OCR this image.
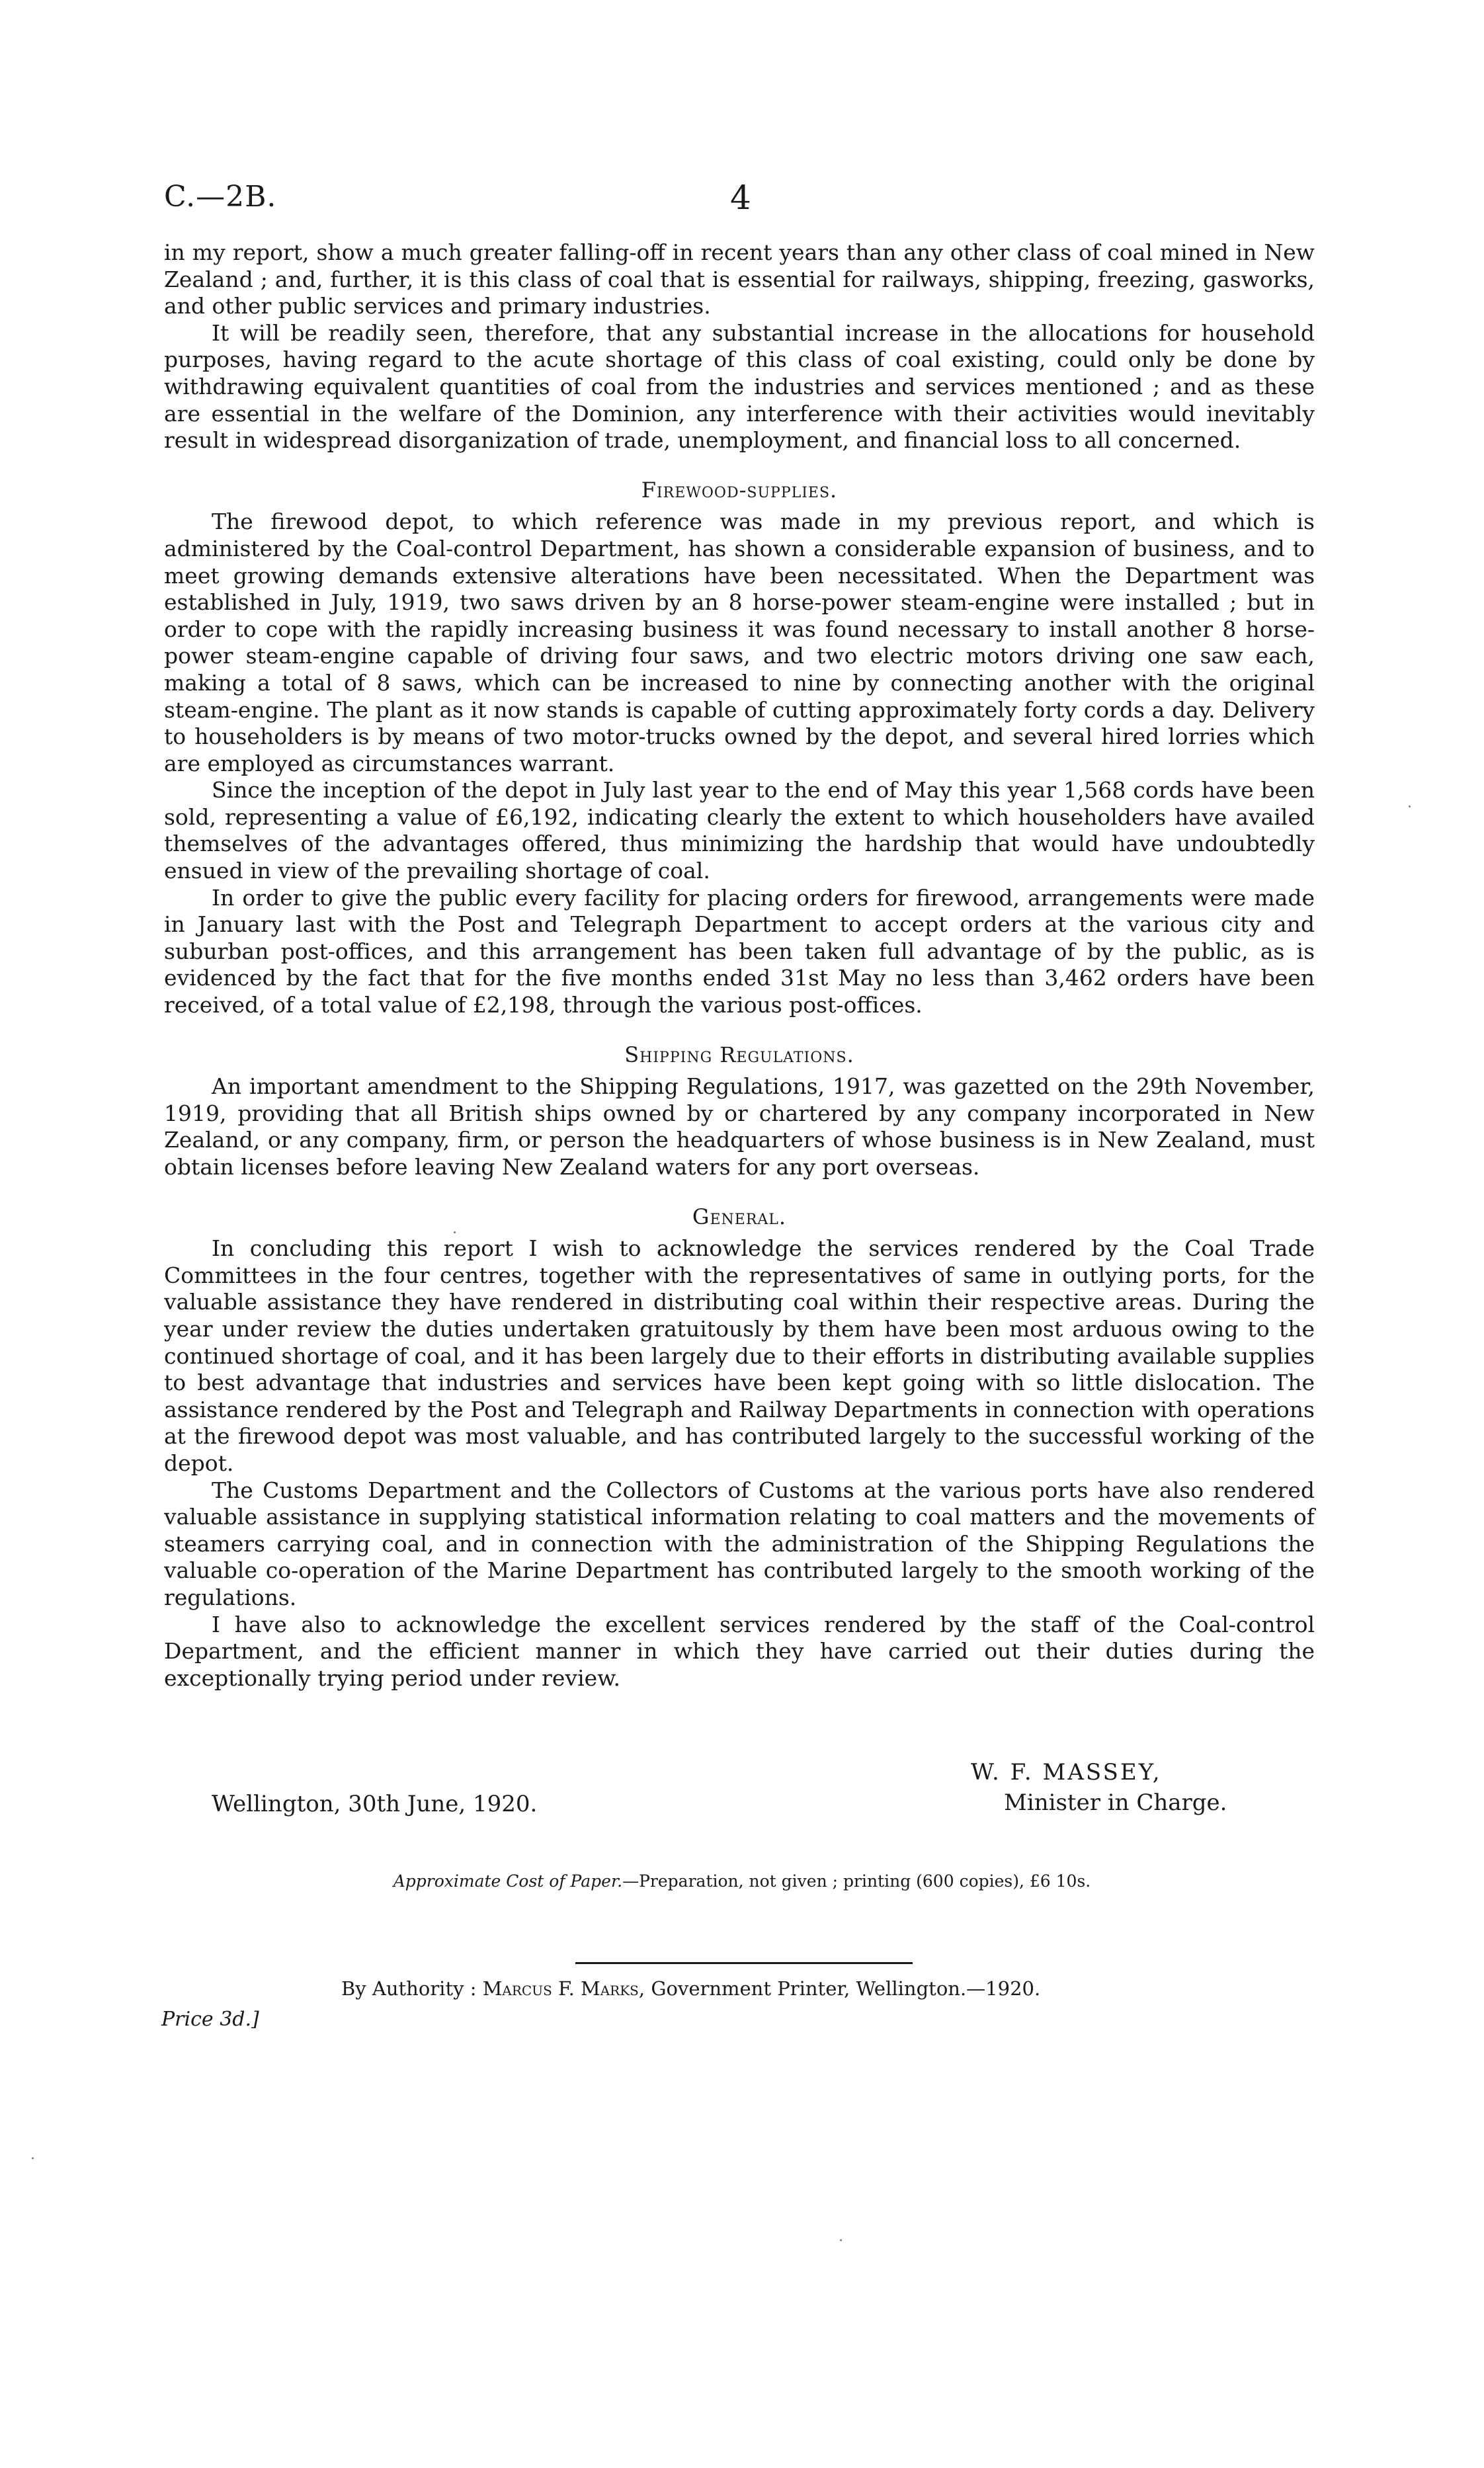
C.—2B.	4

in my report, show a much greater falling-off in recent years than any other class of coal mined in New Zealand ; and, further, it is this class of coal that is essential for railways, shipping, freezing, gasworks, and other public services and primary industries.

It will be readily seen, therefore, that any substantial increase in the allocations for household purposes, having regard to the acute shortage of this class of coal existing, could only be done by withdrawing equivalent quantities of coal from the industries and services mentioned ; and as these are essential in the welfare of the Dominion, any interference with their activities would inevitably result in widespread disorganization of trade, unemployment, and financial loss to all concerned.

Firewood-supplies.

The firewood depot, to which reference was made in my previous report, and which is administered by the Coal-control Department, has shown a considerable expansion of business, and to meet growing demands extensive alterations have been necessitated. When the Department was established in July, 1919, two saws driven by an 8 horse-power steam-engine were installed ; but in order to cope with the rapidly increasing business it was found necessary to install another 8 horse-power steam-engine capable of driving four saws, and two electric motors driving one saw each, making a total of 8 saws, which can be increased to nine by connecting another with the original steam-engine. The plant as it now stands is capable of cutting approximately forty cords a day. Delivery to householders is by means of two motor-trucks owned by the depot, and several hired lorries which are employed as circumstances warrant.

Since the inception of the depot in July last year to the end of May this year 1,568 cords have been sold, representing a value of £6,192, indicating clearly the extent to which householders have availed themselves of the advantages offered, thus minimizing the hardship that would have undoubtedly ensued in view of the prevailing shortage of coal.

In order to give the public every facility for placing orders for firewood, arrangements were made in January last with the Post and Telegraph Department to accept orders at the various city and suburban post-offices, and this arrangement has been taken full advantage of by the public, as is evidenced by the fact that for the five months ended 31st May no less than 3,462 orders have been received, of a total value of £2,198, through the various post-offices.

Shipping Regulations.

An important amendment to the Shipping Regulations, 1917, was gazetted on the 29th November, 1919, providing that all British ships owned by or chartered by any company incorporated in New Zealand, or any company, firm, or person the headquarters of whose business is in New Zealand, must obtain licenses before leaving New Zealand waters for any port overseas.

General.

In concluding this report I wish to acknowledge the services rendered by the Coal Trade Committees in the four centres, together with the representatives of same in outlying ports, for the valuable assistance they have rendered in distributing coal within their respective areas. During the year under review the duties undertaken gratuitously by them have been most arduous owing to the continued shortage of coal, and it has been largely due to their efforts in distributing available supplies to best advantage that industries and services have been kept going with so little dislocation. The assistance rendered by the Post and Telegraph and Railway Departments in connection with operations at the firewood depot was most valuable, and has contributed largely to the successful working of the depot.

The Customs Department and the Collectors of Customs at the various ports have also rendered valuable assistance in supplying statistical information relating to coal matters and the movements of steamers carrying coal, and in connection with the administration of the Shipping Regulations the valuable co-operation of the Marine Department has contributed largely to the smooth working of the regulations.

I have also to acknowledge the excellent services rendered by the staff of the Coal-control Department, and the efficient manner in which they have carried out their duties during the exceptionally trying period under review.

Wellington, 30th June, 1920.
W. F. MASSEY,
Minister in Charge.
Approximate Cost of Paper.—Preparation, not given ; printing (600 copies), £6 10s.
By Authority : Marcus F. Marks, Government Printer, Wellington.—1920.
Price 3d.]
